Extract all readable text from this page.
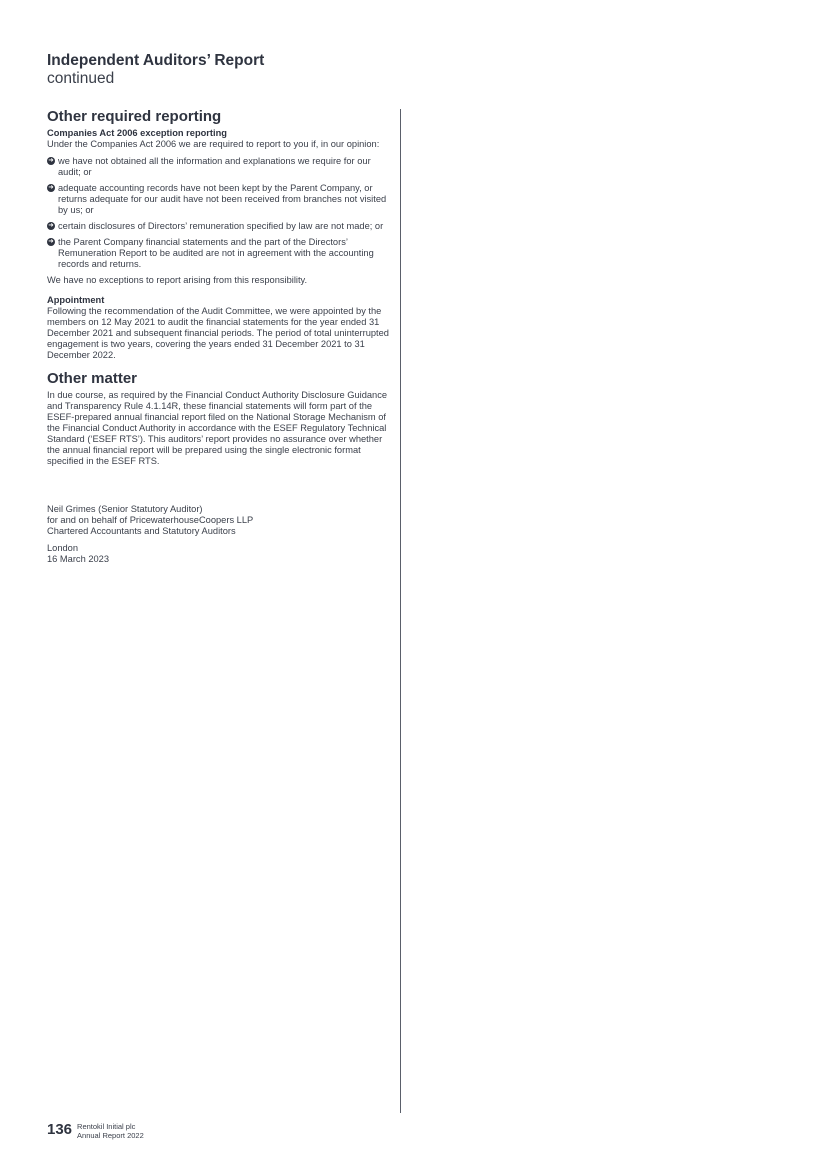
Independent Auditors’ Report
continued
Other required reporting
Companies Act 2006 exception reporting

Under the Companies Act 2006 we are required to report to you if, in our opinion:

➜ we have not obtained all the information and explanations we require for our audit; or
➜ adequate accounting records have not been kept by the Parent Company, or returns adequate for our audit have not been received from branches not visited by us; or
➜ certain disclosures of Directors’ remuneration specified by law are not made; or
➜ the Parent Company financial statements and the part of the Directors’ Remuneration Report to be audited are not in agreement with the accounting records and returns.

We have no exceptions to report arising from this responsibility.

Appointment

Following the recommendation of the Audit Committee, we were appointed by the members on 12 May 2021 to audit the financial statements for the year ended 31 December 2021 and subsequent financial periods. The period of total uninterrupted engagement is two years, covering the years ended 31 December 2021 to 31 December 2022.

Other matter

In due course, as required by the Financial Conduct Authority Disclosure Guidance and Transparency Rule 4.1.14R, these financial statements will form part of the ESEF-prepared annual financial report filed on the National Storage Mechanism of the Financial Conduct Authority in accordance with the ESEF Regulatory Technical Standard (‘ESEF RTS’). This auditors’ report provides no assurance over whether the annual financial report will be prepared using the single electronic format specified in the ESEF RTS.

Neil Grimes (Senior Statutory Auditor)

for and on behalf of PricewaterhouseCoopers LLP

Chartered Accountants and Statutory Auditors

London

16 March 2023

136 Rentokil Initial plc
Annual Report 2022
